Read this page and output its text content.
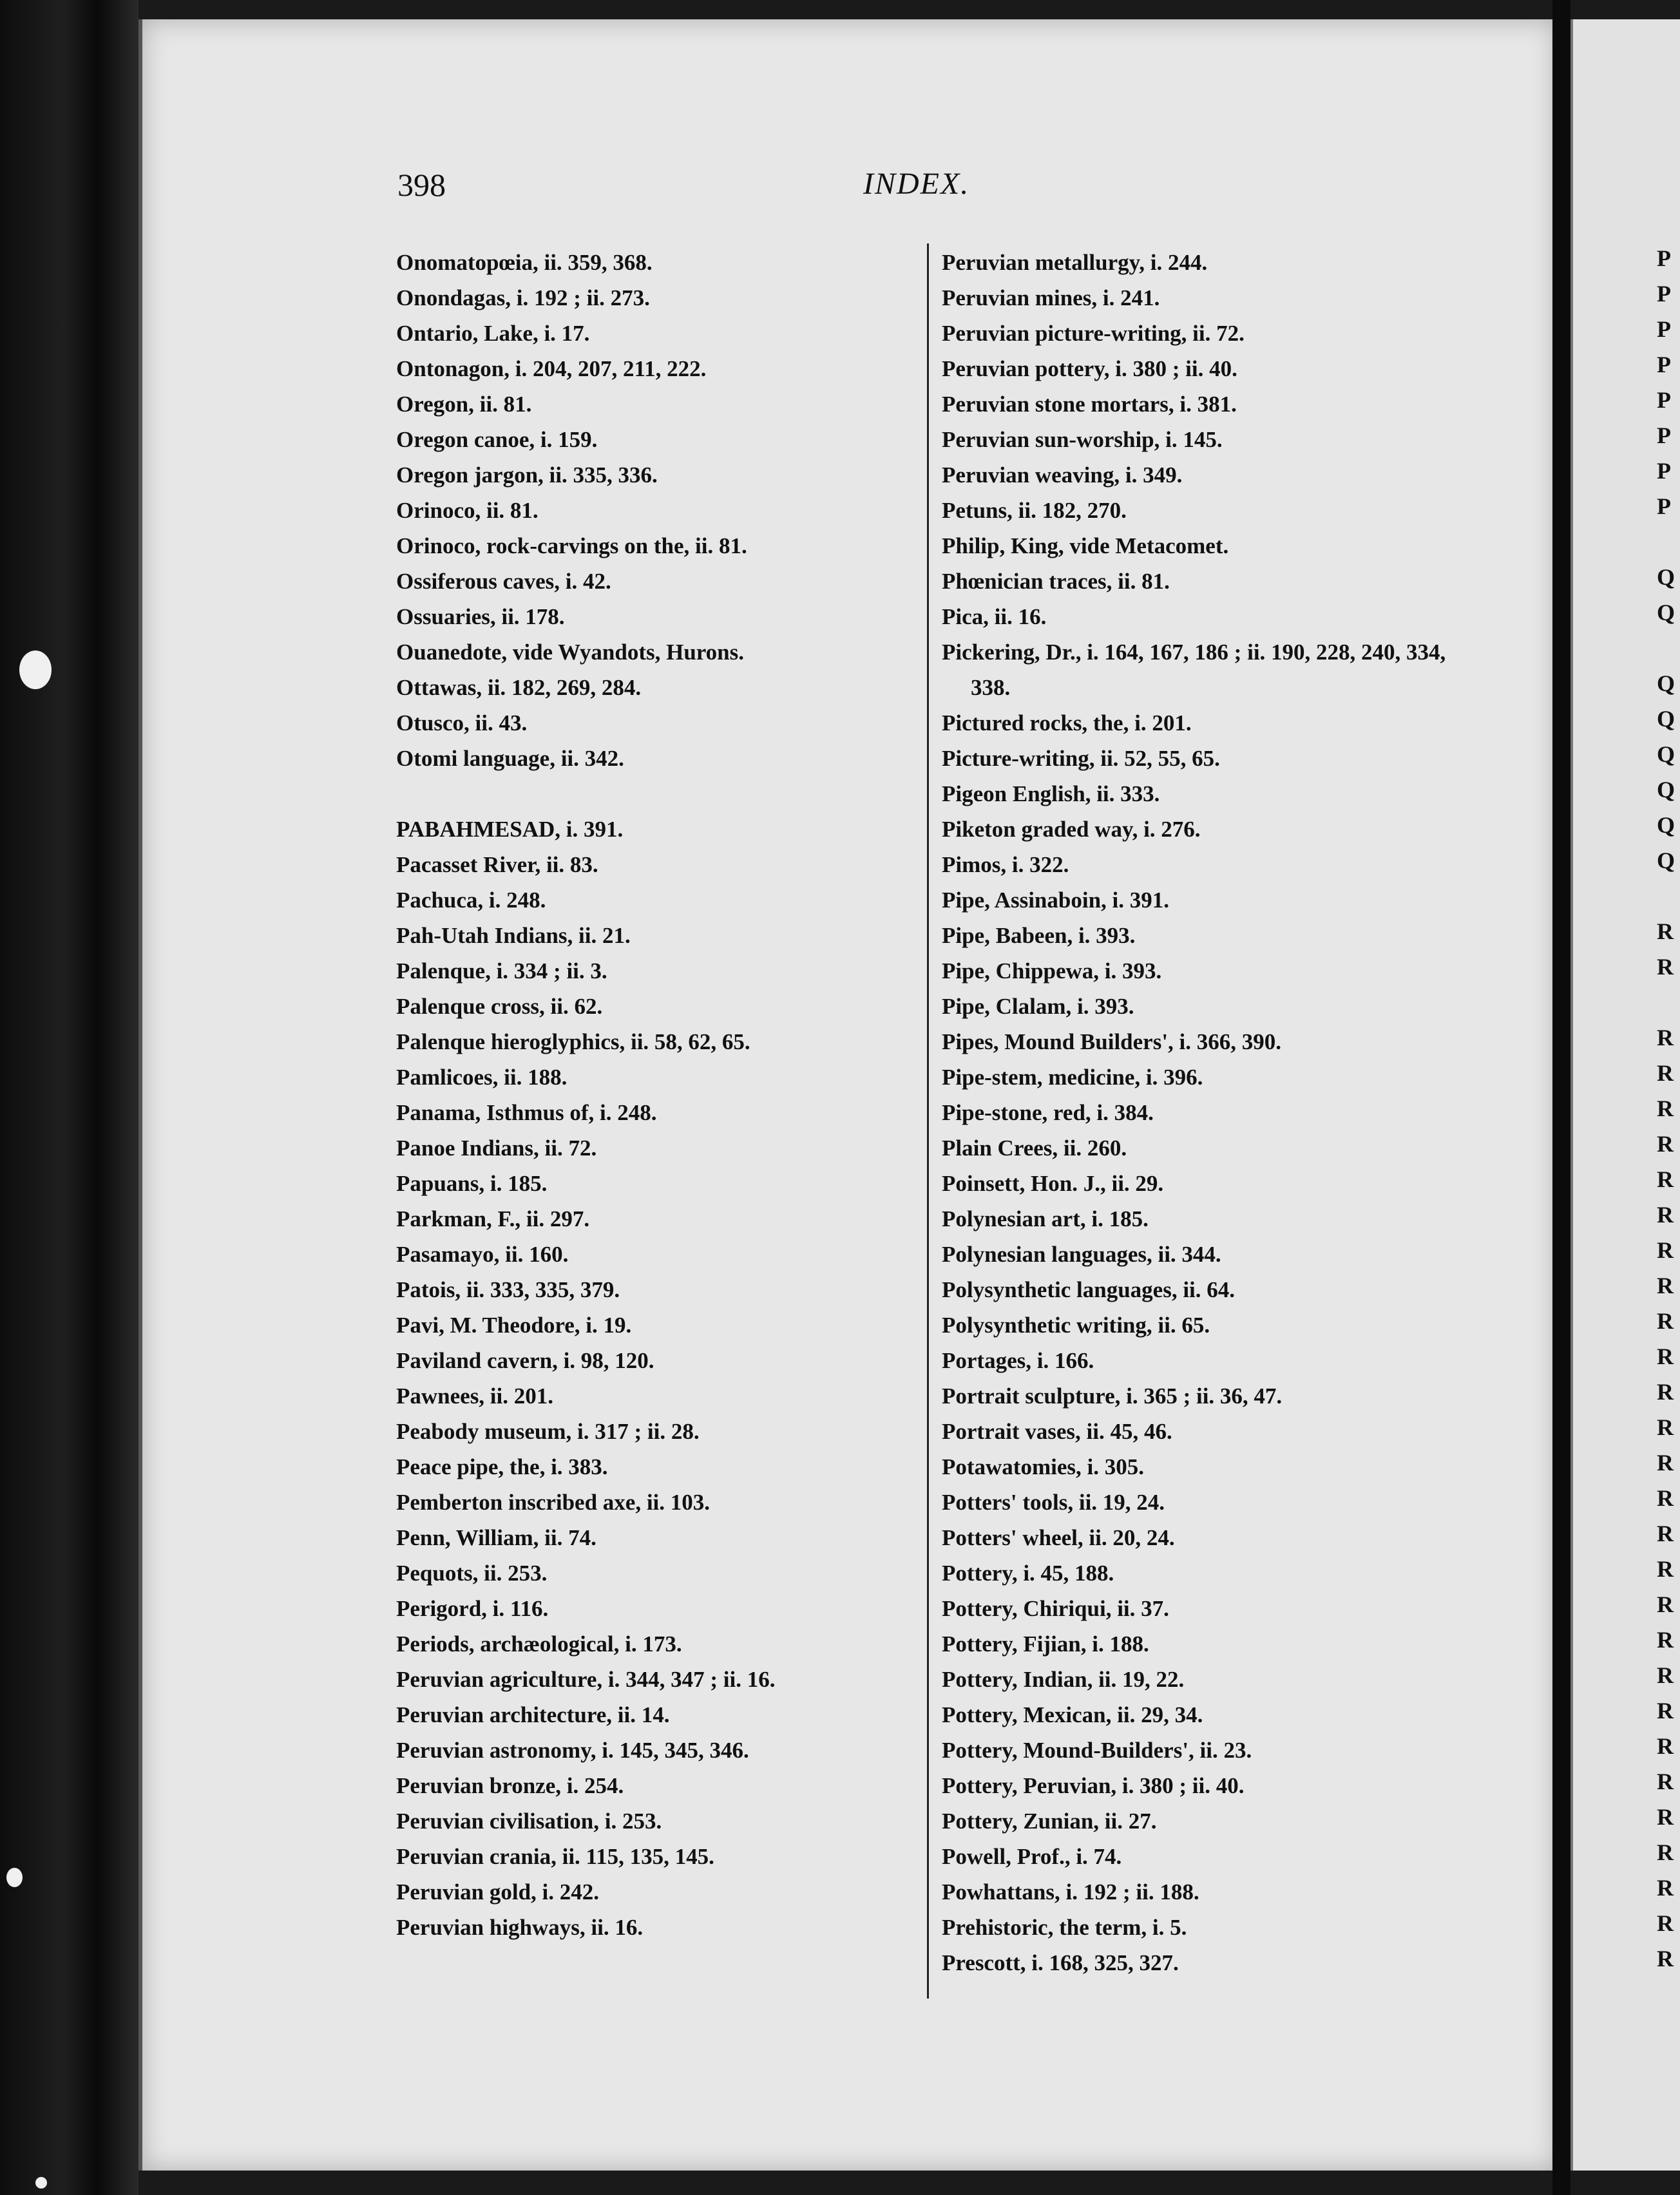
P

P

P

P

P

P

P

P

Q

Q

Q

Q

Q

Q

Q

Q

R

R

R

R

R

R

R

R

R

R

R

R

R

R

R

R

R

R

R

R

R

R

R

R

R

R

R

R

R

398	INDEX.

Onomatopœia, ii. 359, 368.
Onondagas, i. 192 ; ii. 273.
Ontario, Lake, i. 17.
Ontonagon, i. 204, 207, 211, 222.
Oregon, ii. 81.
Oregon canoe, i. 159.
Oregon jargon, ii. 335, 336.
Orinoco, ii. 81.
Orinoco, rock-carvings on the, ii. 81.
Ossiferous caves, i. 42.
Ossuaries, ii. 178.
Ouanedote, vide Wyandots, Hurons.
Ottawas, ii. 182, 269, 284.
Otusco, ii. 43.
Otomi language, ii. 342.
PABAHMESAD, i. 391.
Pacasset River, ii. 83.
Pachuca, i. 248.
Pah-Utah Indians, ii. 21.
Palenque, i. 334 ; ii. 3.
Palenque cross, ii. 62.
Palenque hieroglyphics, ii. 58, 62, 65.
Pamlicoes, ii. 188.
Panama, Isthmus of, i. 248.
Panoe Indians, ii. 72.
Papuans, i. 185.
Parkman, F., ii. 297.
Pasamayo, ii. 160.
Patois, ii. 333, 335, 379.
Pavi, M. Theodore, i. 19.
Paviland cavern, i. 98, 120.
Pawnees, ii. 201.
Peabody museum, i. 317 ; ii. 28.
Peace pipe, the, i. 383.
Pemberton inscribed axe, ii. 103.
Penn, William, ii. 74.
Pequots, ii. 253.
Perigord, i. 116.
Periods, archæological, i. 173.
Peruvian agriculture, i. 344, 347 ; ii. 16.
Peruvian architecture, ii. 14.
Peruvian astronomy, i. 145, 345, 346.
Peruvian bronze, i. 254.
Peruvian civilisation, i. 253.
Peruvian crania, ii. 115, 135, 145.
Peruvian gold, i. 242.
Peruvian highways, ii. 16.
Peruvian metallurgy, i. 244.
Peruvian mines, i. 241.
Peruvian picture-writing, ii. 72.
Peruvian pottery, i. 380 ; ii. 40.
Peruvian stone mortars, i. 381.
Peruvian sun-worship, i. 145.
Peruvian weaving, i. 349.
Petuns, ii. 182, 270.
Philip, King, vide Metacomet.
Phœnician traces, ii. 81.
Pica, ii. 16.
Pickering, Dr., i. 164, 167, 186 ; ii. 190, 228, 240, 334, 338.
Pictured rocks, the, i. 201.
Picture-writing, ii. 52, 55, 65.
Pigeon English, ii. 333.
Piketon graded way, i. 276.
Pimos, i. 322.
Pipe, Assinaboin, i. 391.
Pipe, Babeen, i. 393.
Pipe, Chippewa, i. 393.
Pipe, Clalam, i. 393.
Pipes, Mound Builders', i. 366, 390.
Pipe-stem, medicine, i. 396.
Pipe-stone, red, i. 384.
Plain Crees, ii. 260.
Poinsett, Hon. J., ii. 29.
Polynesian art, i. 185.
Polynesian languages, ii. 344.
Polysynthetic languages, ii. 64.
Polysynthetic writing, ii. 65.
Portages, i. 166.
Portrait sculpture, i. 365 ; ii. 36, 47.
Portrait vases, ii. 45, 46.
Potawatomies, i. 305.
Potters' tools, ii. 19, 24.
Potters' wheel, ii. 20, 24.
Pottery, i. 45, 188.
Pottery, Chiriqui, ii. 37.
Pottery, Fijian, i. 188.
Pottery, Indian, ii. 19, 22.
Pottery, Mexican, ii. 29, 34.
Pottery, Mound-Builders', ii. 23.
Pottery, Peruvian, i. 380 ; ii. 40.
Pottery, Zunian, ii. 27.
Powell, Prof., i. 74.
Powhattans, i. 192 ; ii. 188.
Prehistoric, the term, i. 5.
Prescott, i. 168, 325, 327.
